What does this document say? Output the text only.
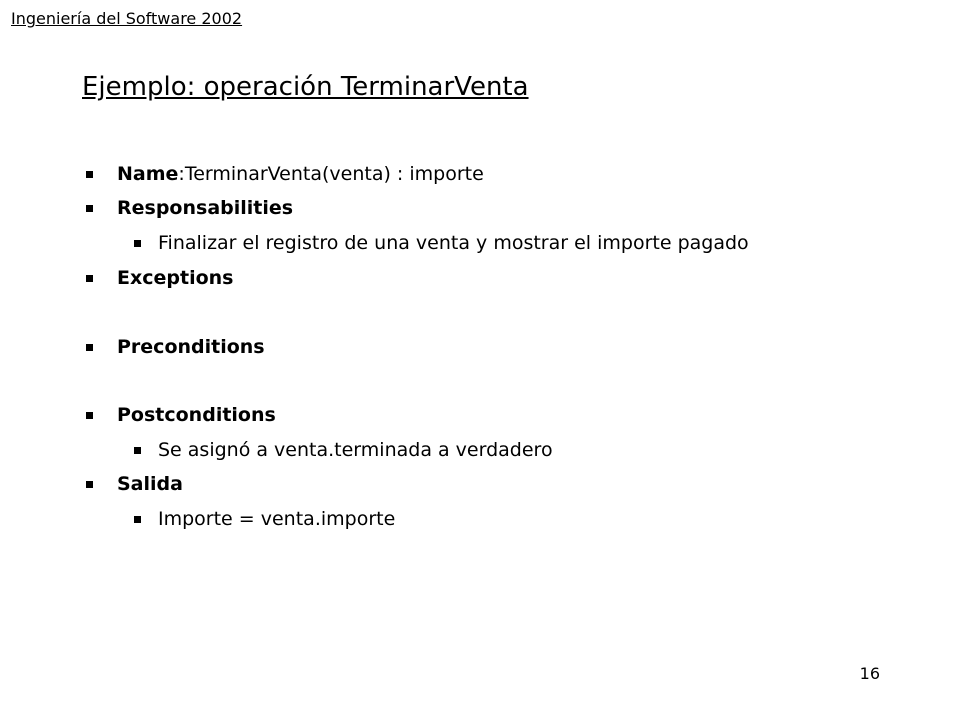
Ingeniería del Software 2002
Ejemplo: operación TerminarVenta
Name :TerminarVenta(venta) : importe
Responsabilities
Finalizar el registro de una venta y mostrar el importe pagado
Exceptions
Preconditions
Postconditions
Se asignó a venta.terminada a verdadero
Salida
Importe = venta.importe
16
